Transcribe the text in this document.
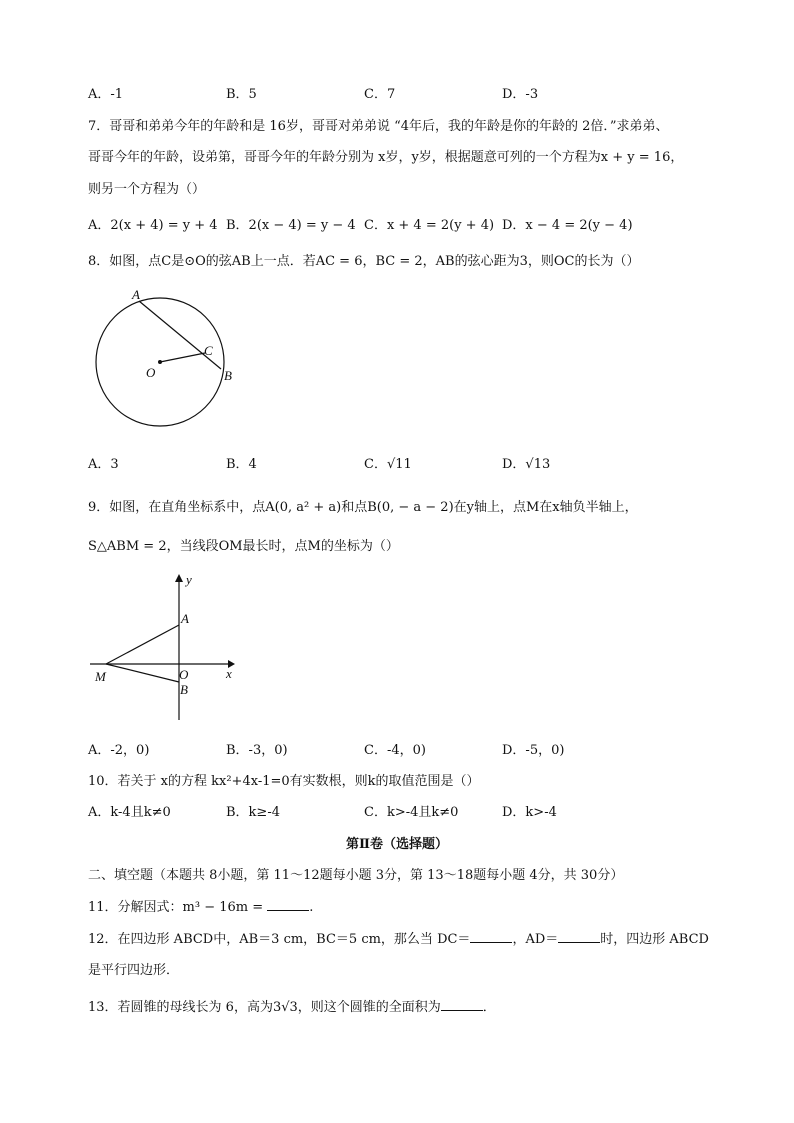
A．-1	B．5	C．7	D．-3
7．哥哥和弟弟今年的年龄和是 16岁，哥哥对弟弟说 “4年后，我的年龄是你的年龄的 2倍．”求弟弟、
哥哥今年的年龄，设弟第，哥哥今年的年龄分别为 x岁，y岁，根据题意可列的一个方程为x + y = 16，
则另一个方程为（）
A．2(x + 4) = y + 4 B．2(x − 4) = y − 4 C．x + 4 = 2(y + 4) D．x − 4 = 2(y − 4)
8．如图，点C是⊙O的弦AB上一点．若AC = 6，BC = 2，AB的弦心距为3，则OC的长为（）
A
C
B
O
A．3	B．4	C．√11	D．√13
9．如图，在直角坐标系中，点A(0, a² + a)和点B(0, − a − 2)在y轴上，点M在x轴负半轴上，
S△ABM = 2，当线段OM最长时，点M的坐标为（）
y
x
A
O
B
M
A．-2，0)	B．-3，0)	C．-4，0)	D．-5，0)
10．若关于 x的方程 kx²+4x-1=0有实数根，则k的取值范围是（）
A．k-4且k≠0	B．k≥-4	C．k>-4且k≠0	D．k>-4
第Ⅱ卷（选择题）
二、填空题（本题共 8小题，第 11～12题每小题 3分，第 13～18题每小题 4分，共 30分）
11．分解因式：m³ − 16m =	.
12．在四边形 ABCD中，AB＝3 cm，BC＝5 cm，那么当 DC＝	，AD＝	时，四边形 ABCD
是平行四边形．
13．若圆锥的母线长为 6，高为3√3，则这个圆锥的全面积为	．
